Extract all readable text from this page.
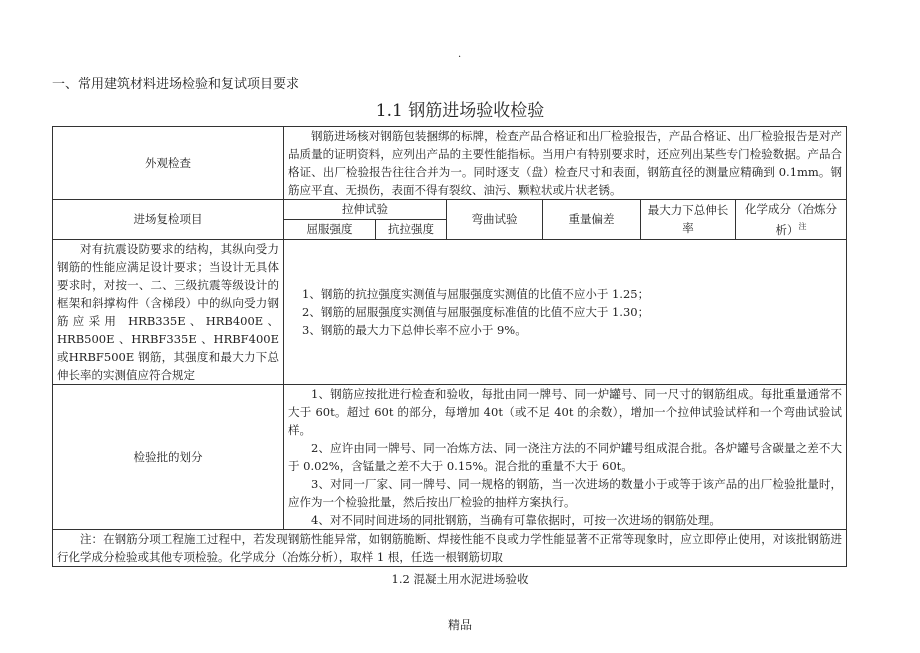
.
一、常用建筑材料进场检验和复试项目要求
1.1 钢筋进场验收检验
外观检查	钢筋进场核对钢筋包装捆绑的标牌，检查产品合格证和出厂检验报告，产品合格证、出厂检验报告是对产品质量的证明资料，应列出产品的主要性能指标。当用户有特别要求时，还应列出某些专门检验数据。产品合格证、出厂检验报告往往合并为一。同时逐支（盘）检查尺寸和表面，钢筋直径的测量应精确到 0.1mm。钢筋应平直、无损伤，表面不得有裂纹、油污、颗粒状或片状老锈。					

进场复检项目	拉伸试验		弯曲试验	重量偏差	最大力下总伸长率	化学成分（冶炼分析）$^注$
	屈服强度	抗拉强度				

对有抗震设防要求的结构，其纵向受力钢筋的性能应满足设计要求；当设计无具体要求时，对按一、二、三级抗震等级设计的框架和斜撑构件（含梯段）中的纵向受力钢筋应采用 HRB335E、HRB400E、HRB500E 、HRBF335E 、HRBF400E 或HRBF500E 钢筋，其强度和最大力下总伸长率的实测值应符合规定	1、钢筋的抗拉强度实测值与屈服强度实测值的比值不应小于 1.25；
2、钢筋的屈服强度实测值与屈服强度标准值的比值不应大于 1.30；
3、钢筋的最大力下总伸长率不应小于 9%。					

检验批的划分	1、钢筋应按批进行检查和验收，每批由同一牌号、同一炉罐号、同一尺寸的钢筋组成。每批重量通常不大于 60t。超过 60t 的部分，每增加 40t（或不足 40t 的余数），增加一个拉伸试验试样和一个弯曲试验试样。

2、应许由同一牌号、同一冶炼方法、同一浇注方法的不同炉罐号组成混合批。各炉罐号含碳量之差不大于 0.02%，含锰量之差不大于 0.15%。混合批的重量不大于 60t。

3、对同一厂家、同一牌号、同一规格的钢筋，当一次进场的数量小于或等于该产品的出厂检验批量时，应作为一个检验批量，然后按出厂检验的抽样方案执行。

4、对不同时间进场的同批钢筋，当确有可靠依据时，可按一次进场的钢筋处理。					

注：在钢筋分项工程施工过程中，若发现钢筋性能异常，如钢筋脆断、焊接性能不良或力学性能显著不正常等现象时，应立即停止使用，对该批钢筋进行化学成分检验或其他专项检验。化学成分（冶炼分析），取样 1 根，任选一根钢筋切取						

1.2 混凝土用水泥进场验收
精品
